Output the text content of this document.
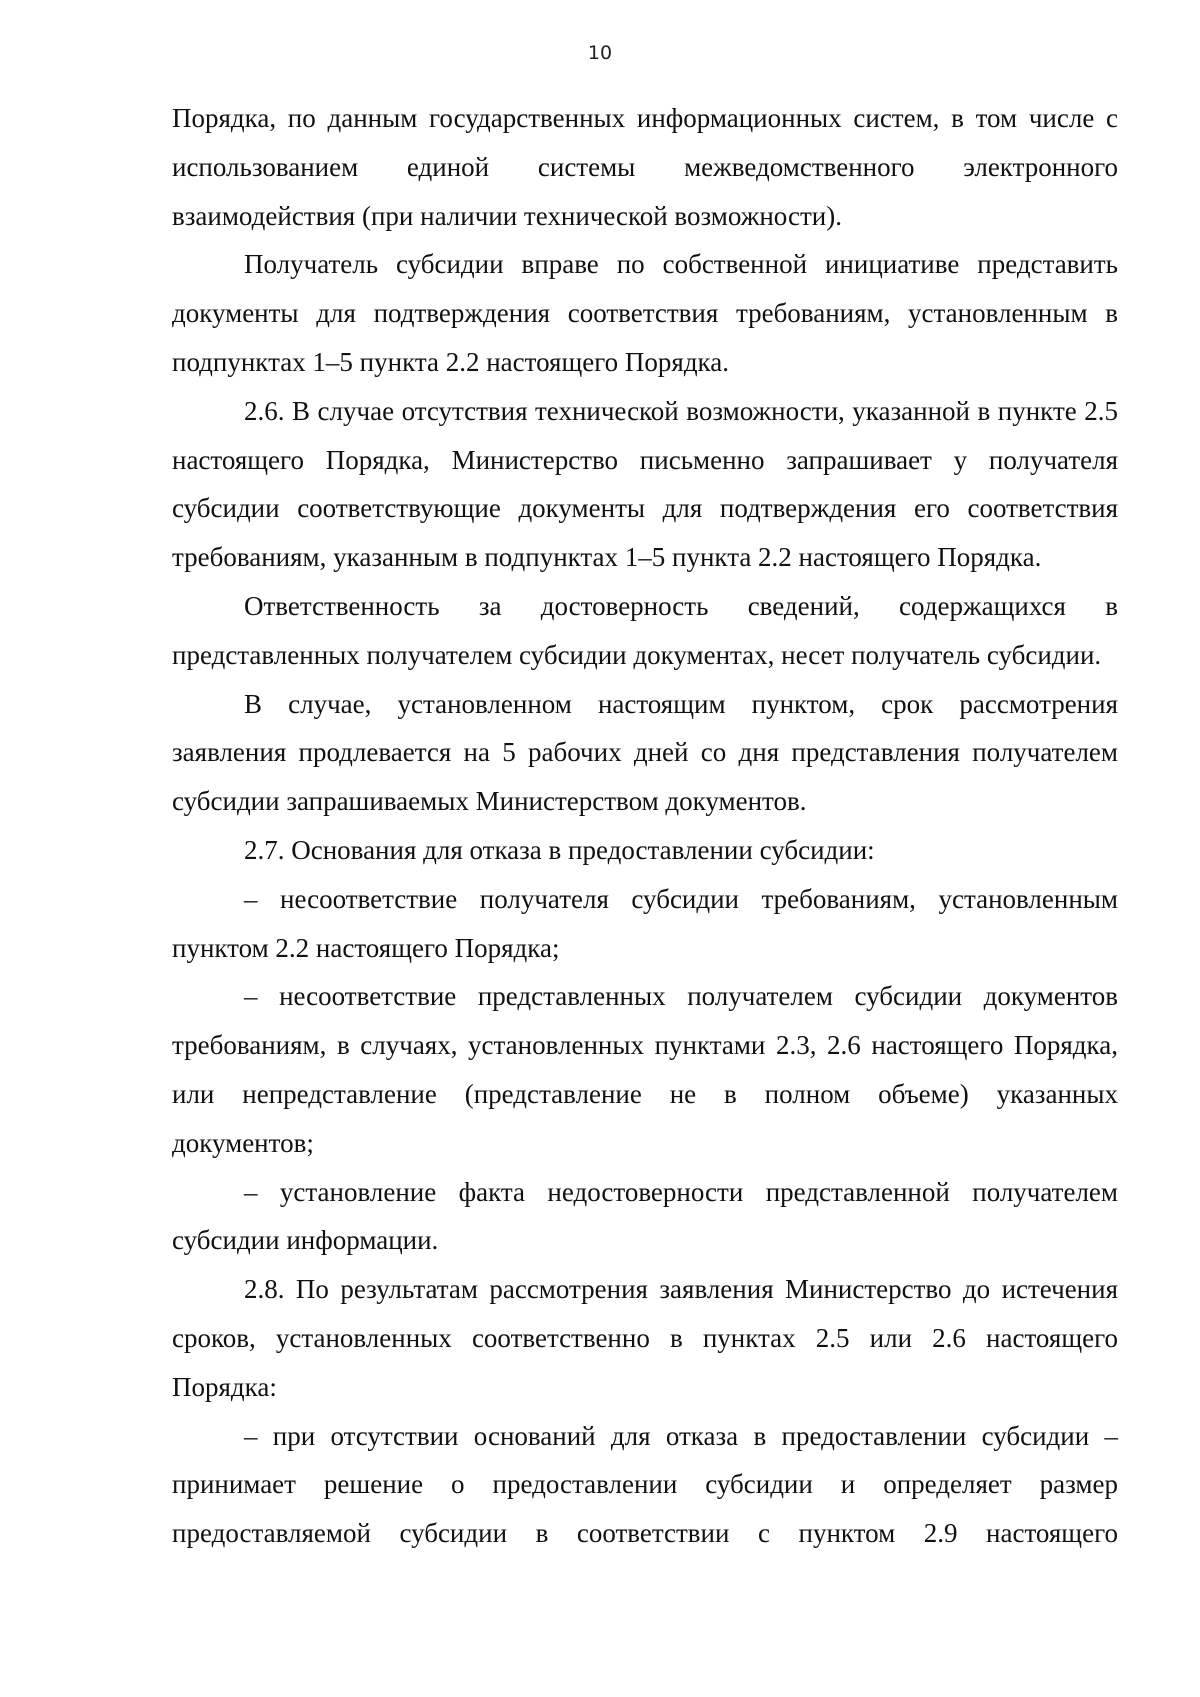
10

Порядка, по данным государственных информационных систем, в том числе с использованием единой системы межведомственного электронного взаимодействия (при наличии технической возможности).

Получатель субсидии вправе по собственной инициативе представить документы для подтверждения соответствия требованиям, установленным в подпунктах 1–5 пункта 2.2 настоящего Порядка.

2.6. В случае отсутствия технической возможности, указанной в пункте 2.5 настоящего Порядка, Министерство письменно запрашивает у получателя субсидии соответствующие документы для подтверждения его соответствия требованиям, указанным в подпунктах 1–5 пункта 2.2 настоящего Порядка.

Ответственность за достоверность сведений, содержащихся в представленных получателем субсидии документах, несет получатель субсидии.

В случае, установленном настоящим пунктом, срок рассмотрения заявления продлевается на 5 рабочих дней со дня представления получателем субсидии запрашиваемых Министерством документов.

2.7. Основания для отказа в предоставлении субсидии:

– несоответствие получателя субсидии требованиям, установленным пунктом 2.2 настоящего Порядка;

– несоответствие представленных получателем субсидии документов требованиям, в случаях, установленных пунктами 2.3, 2.6 настоящего Порядка, или непредставление (представление не в полном объеме) указанных документов;

– установление факта недостоверности представленной получателем субсидии информации.

2.8. По результатам рассмотрения заявления Министерство до истечения сроков, установленных соответственно в пунктах 2.5 или 2.6 настоящего Порядка:

– при отсутствии оснований для отказа в предоставлении субсидии – принимает решение о предоставлении субсидии и определяет размер предоставляемой субсидии в соответствии с пунктом 2.9 настоящего
